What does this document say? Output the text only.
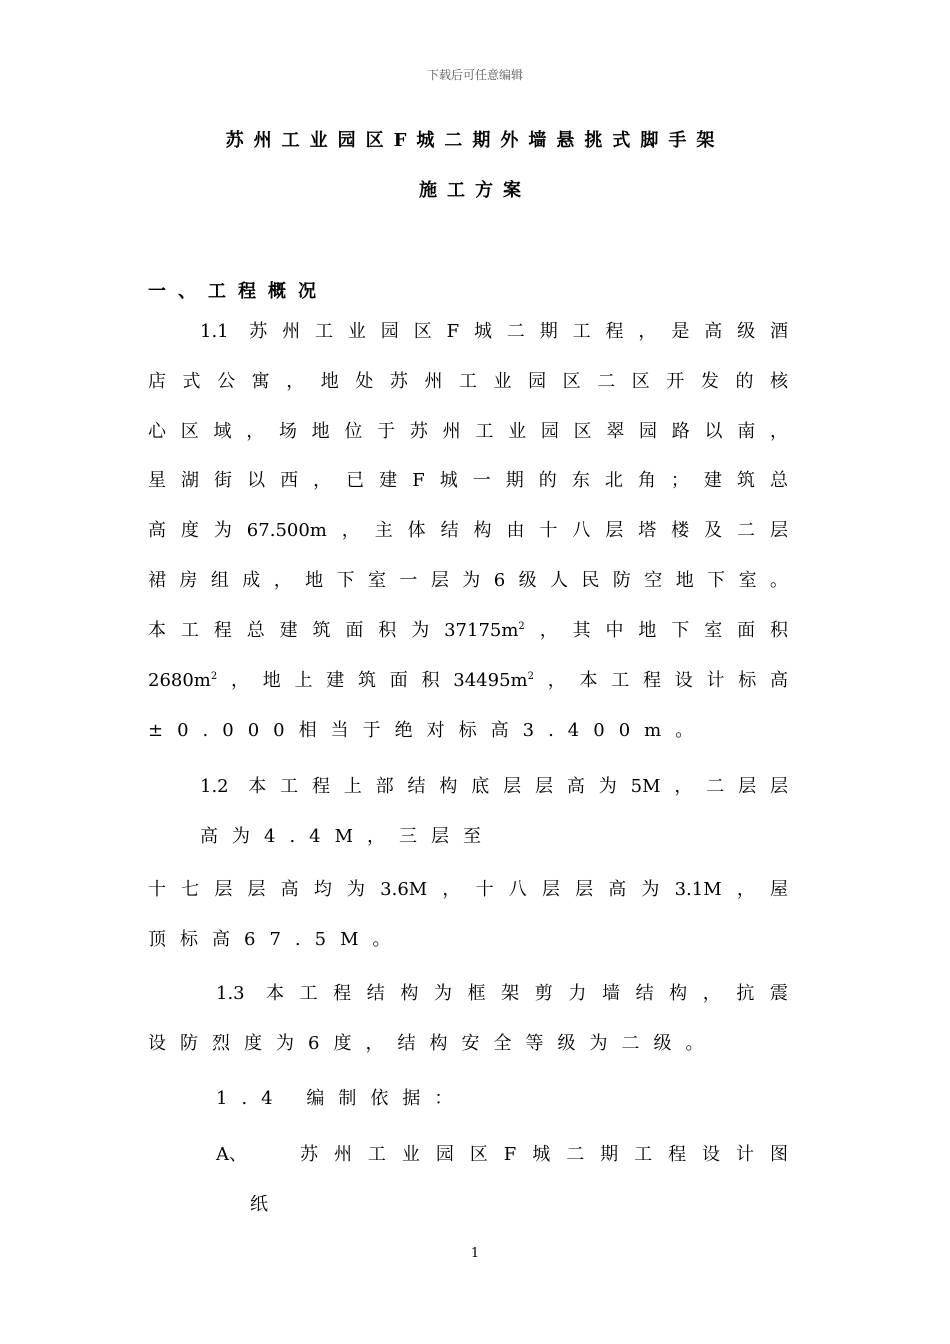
下载后可任意编辑
苏州工业园区F城二期外墙悬挑式脚手架
施工方案
一、工程概况
1.1 苏州工业园区F城二期工程，是高级酒
店式公寓，地处苏州工业园区二区开发的核
心区域，场地位于苏州工业园区翠园路以南，
星湖街以西，已建F城一期的东北角；建筑总
高度为67.500m，主体结构由十八层塔楼及二层
裙房组成，地下室一层为6级人民防空地下室。
本工程总建筑面积为$37175m^2$，其中地下室面积
$2680m^2$，地上建筑面积$34495m^2$，本工程设计标高
±0.000相当于绝对标高3.400m。
1.2 本工程上部结构底层层高为5M，二层层
高为4.4M，三层至
十七层层高均为3.6M，十八层层高为3.1M，屋
顶标高67.5M。
1.3 本工程结构为框架剪力墙结构，抗震
设防烈度为6度，结构安全等级为二级。
1.4 编制依据：
A、	苏州工业园区F城二期工程设计图
纸
1
